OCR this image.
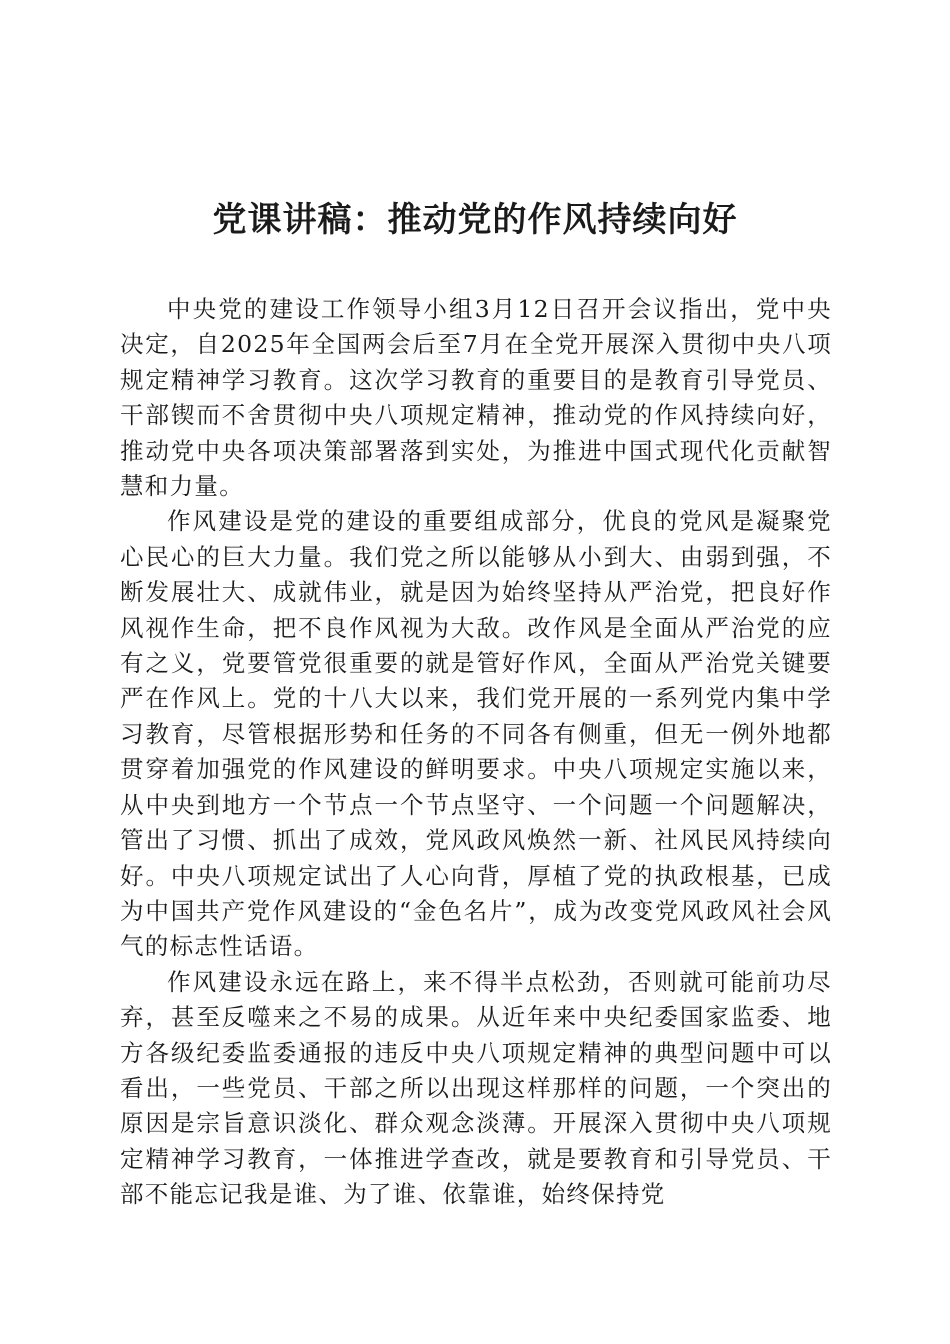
党课讲稿：推动党的作风持续向好

中央党的建设工作领导小组3月12日召开会议指出，党中央决定，自2025年全国两会后至7月在全党开展深入贯彻中央八项规定精神学习教育。这次学习教育的重要目的是教育引导党员、干部锲而不舍贯彻中央八项规定精神，推动党的作风持续向好，推动党中央各项决策部署落到实处，为推进中国式现代化贡献智慧和力量。

作风建设是党的建设的重要组成部分，优良的党风是凝聚党心民心的巨大力量。我们党之所以能够从小到大、由弱到强，不断发展壮大、成就伟业，就是因为始终坚持从严治党，把良好作风视作生命，把不良作风视为大敌。改作风是全面从严治党的应有之义，党要管党很重要的就是管好作风，全面从严治党关键要严在作风上。党的十八大以来，我们党开展的一系列党内集中学习教育，尽管根据形势和任务的不同各有侧重，但无一例外地都贯穿着加强党的作风建设的鲜明要求。中央八项规定实施以来，从中央到地方一个节点一个节点坚守、一个问题一个问题解决，管出了习惯、抓出了成效，党风政风焕然一新、社风民风持续向好。中央八项规定试出了人心向背，厚植了党的执政根基，已成为中国共产党作风建设的“金色名片”，成为改变党风政风社会风气的标志性话语。

作风建设永远在路上，来不得半点松劲，否则就可能前功尽弃，甚至反噬来之不易的成果。从近年来中央纪委国家监委、地方各级纪委监委通报的违反中央八项规定精神的典型问题中可以看出，一些党员、干部之所以出现这样那样的问题，一个突出的原因是宗旨意识淡化、群众观念淡薄。开展深入贯彻中央八项规定精神学习教育，一体推进学查改，就是要教育和引导党员、干部不能忘记我是谁、为了谁、依靠谁，始终保持党
